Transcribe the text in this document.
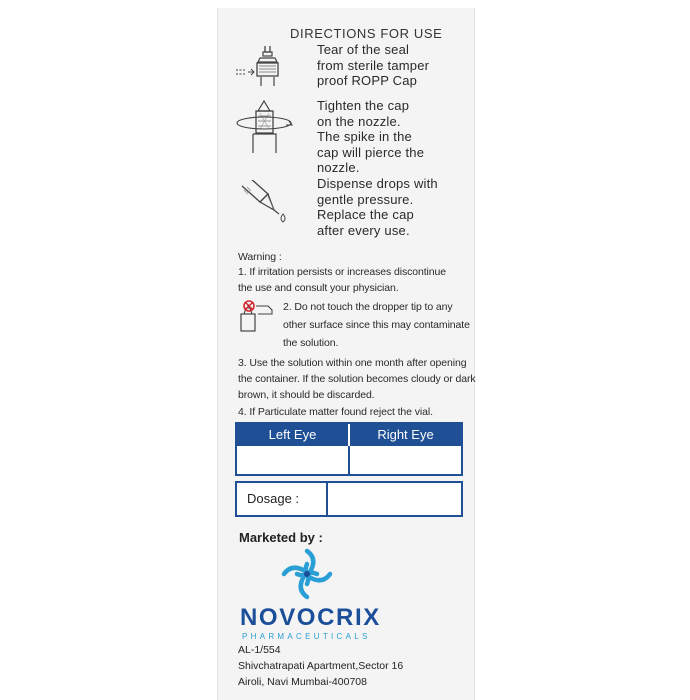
DIRECTIONS FOR USE
Tear of the seal
from sterile tamper
proof ROPP Cap
Tighten the cap
on the nozzle.
The spike in the
cap will pierce the
nozzle.
Dispense drops with
gentle pressure.
Replace the cap
after every use.
Warning :
1. If irritation persists or increases discontinue
the use and consult your physician.
2. Do not touch the dropper tip to any
other surface since this may contaminate
the solution.
3. Use the solution within one month after opening
the container. If the solution becomes cloudy or dark
brown, it should be discarded.
4. If Particulate matter found reject the vial.
Left Eye	Right Eye
Dosage :
Marketed by :
NOVOCRIX
PHARMACEUTICALS
AL-1/554
Shivchatrapati Apartment,Sector 16
Airoli, Navi Mumbai-400708
